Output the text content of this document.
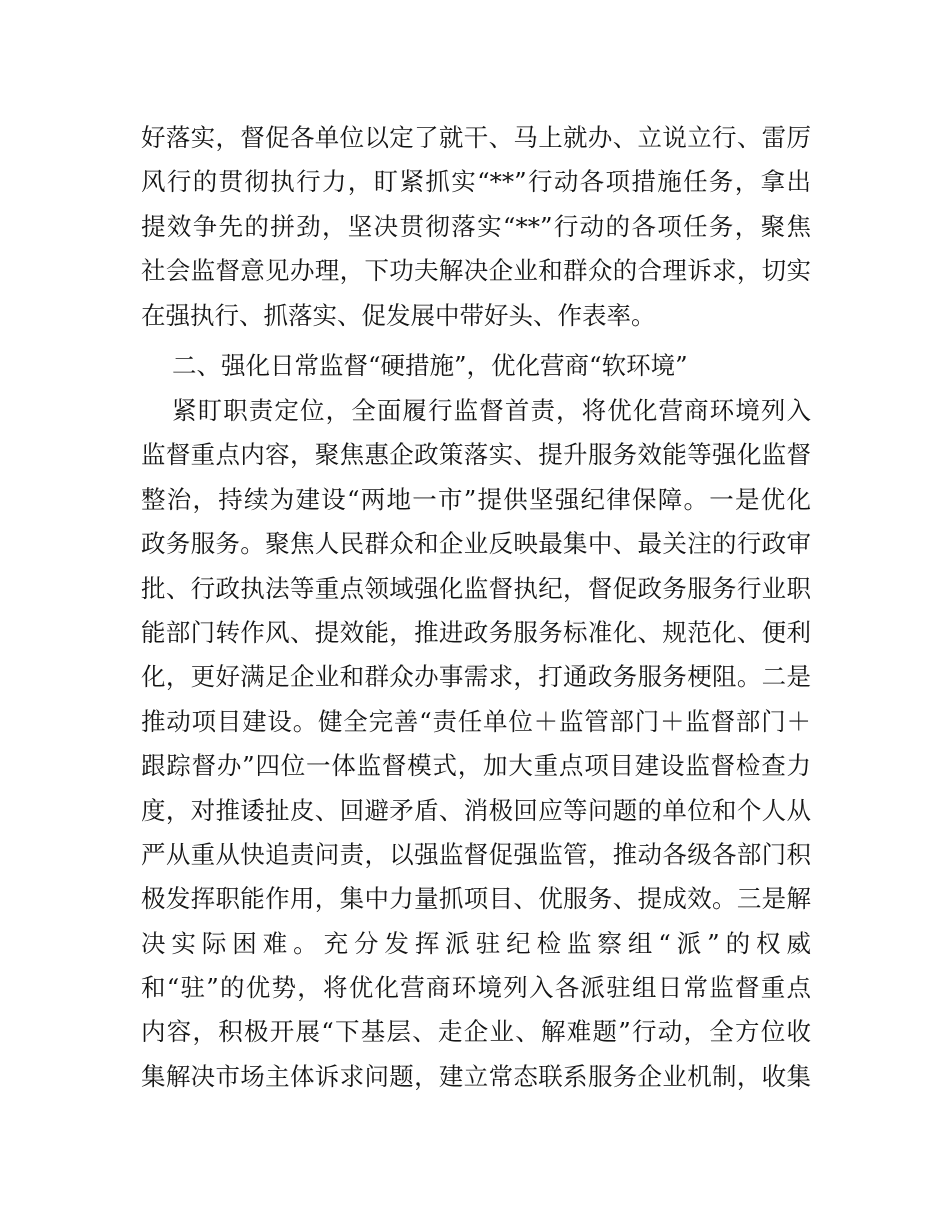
好落实，督促各单位以定了就干、马上就办、立说立行、雷厉
风行的贯彻执行力，盯紧抓实“**”行动各项措施任务，拿出
提效争先的拼劲，坚决贯彻落实“**”行动的各项任务，聚焦
社会监督意见办理，下功夫解决企业和群众的合理诉求，切实
在强执行、抓落实、促发展中带好头、作表率。
二、强化日常监督“硬措施”，优化营商“软环境”
紧盯职责定位，全面履行监督首责，将优化营商环境列入
监督重点内容，聚焦惠企政策落实、提升服务效能等强化监督
整治，持续为建设“两地一市”提供坚强纪律保障。一是优化
政务服务。聚焦人民群众和企业反映最集中、最关注的行政审
批、行政执法等重点领域强化监督执纪，督促政务服务行业职
能部门转作风、提效能，推进政务服务标准化、规范化、便利
化，更好满足企业和群众办事需求，打通政务服务梗阻。二是
推动项目建设。健全完善“责任单位＋监管部门＋监督部门＋
跟踪督办”四位一体监督模式，加大重点项目建设监督检查力
度，对推诿扯皮、回避矛盾、消极回应等问题的单位和个人从
严从重从快追责问责，以强监督促强监管，推动各级各部门积
极发挥职能作用，集中力量抓项目、优服务、提成效。三是解
决实际困难。充分发挥派驻纪检监察组“派”的权威
和“驻”的优势，将优化营商环境列入各派驻组日常监督重点
内容，积极开展“下基层、走企业、解难题”行动，全方位收
集解决市场主体诉求问题，建立常态联系服务企业机制，收集
